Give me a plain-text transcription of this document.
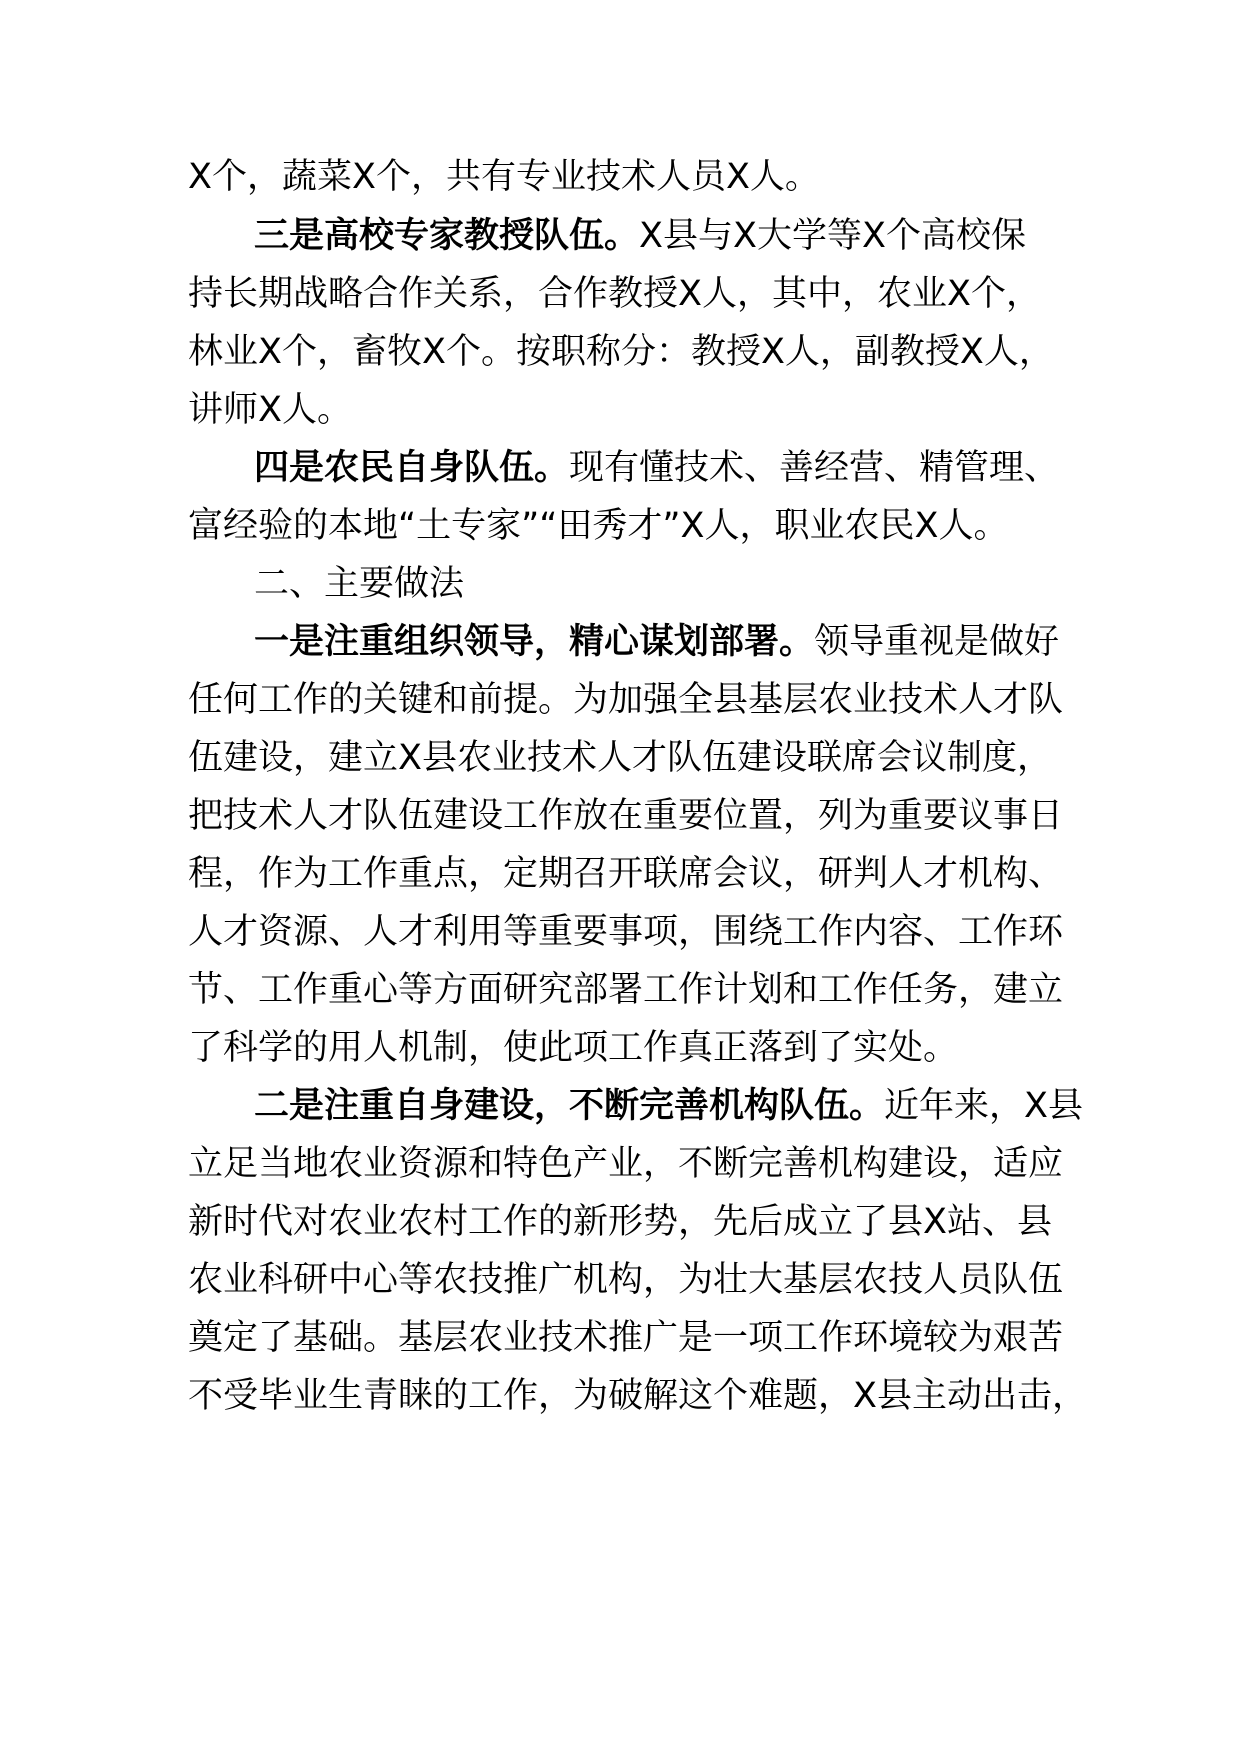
X个，蔬菜X个，共有专业技术人员X人。
三是高校专家教授队伍。X县与X大学等X个高校保
持长期战略合作关系，合作教授X人，其中，农业X个，
林业X个，畜牧X个。按职称分：教授X人，副教授X人，
讲师X人。
四是农民自身队伍。现有懂技术、善经营、精管理、
富经验的本地“土专家”“田秀才”X人，职业农民X人。
二、主要做法
一是注重组织领导，精心谋划部署。领导重视是做好
任何工作的关键和前提。为加强全县基层农业技术人才队
伍建设，建立X县农业技术人才队伍建设联席会议制度，
把技术人才队伍建设工作放在重要位置，列为重要议事日
程，作为工作重点，定期召开联席会议，研判人才机构、
人才资源、人才利用等重要事项，围绕工作内容、工作环
节、工作重心等方面研究部署工作计划和工作任务，建立
了科学的用人机制，使此项工作真正落到了实处。
二是注重自身建设，不断完善机构队伍。近年来，X县
立足当地农业资源和特色产业，不断完善机构建设，适应
新时代对农业农村工作的新形势，先后成立了县X站、县
农业科研中心等农技推广机构，为壮大基层农技人员队伍
奠定了基础。基层农业技术推广是一项工作环境较为艰苦
不受毕业生青睐的工作，为破解这个难题，X县主动出击，
